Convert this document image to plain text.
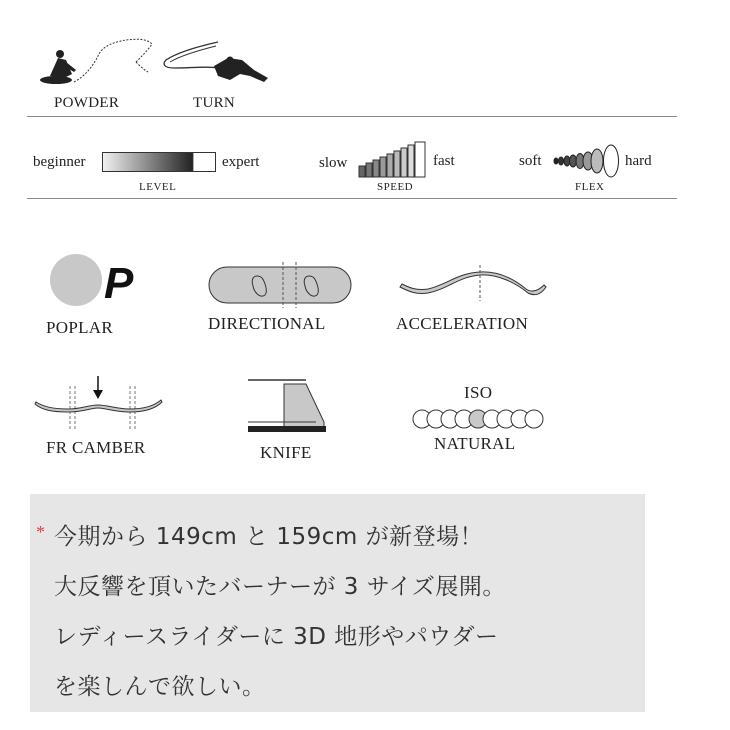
POWDER	TURN
beginner	expert
LEVEL
slow	fast
SPEED
soft	hard
FLEX
P
POPLAR	DIRECTIONAL	ACCELERATION
FR CAMBER	KNIFE
ISO
NATURAL
* 今期から 149cm と 159cm が新登場！
大反響を頂いたバーナーが 3 サイズ展開。
レディースライダーに 3D 地形やパウダー
を楽しんで欲しい。
